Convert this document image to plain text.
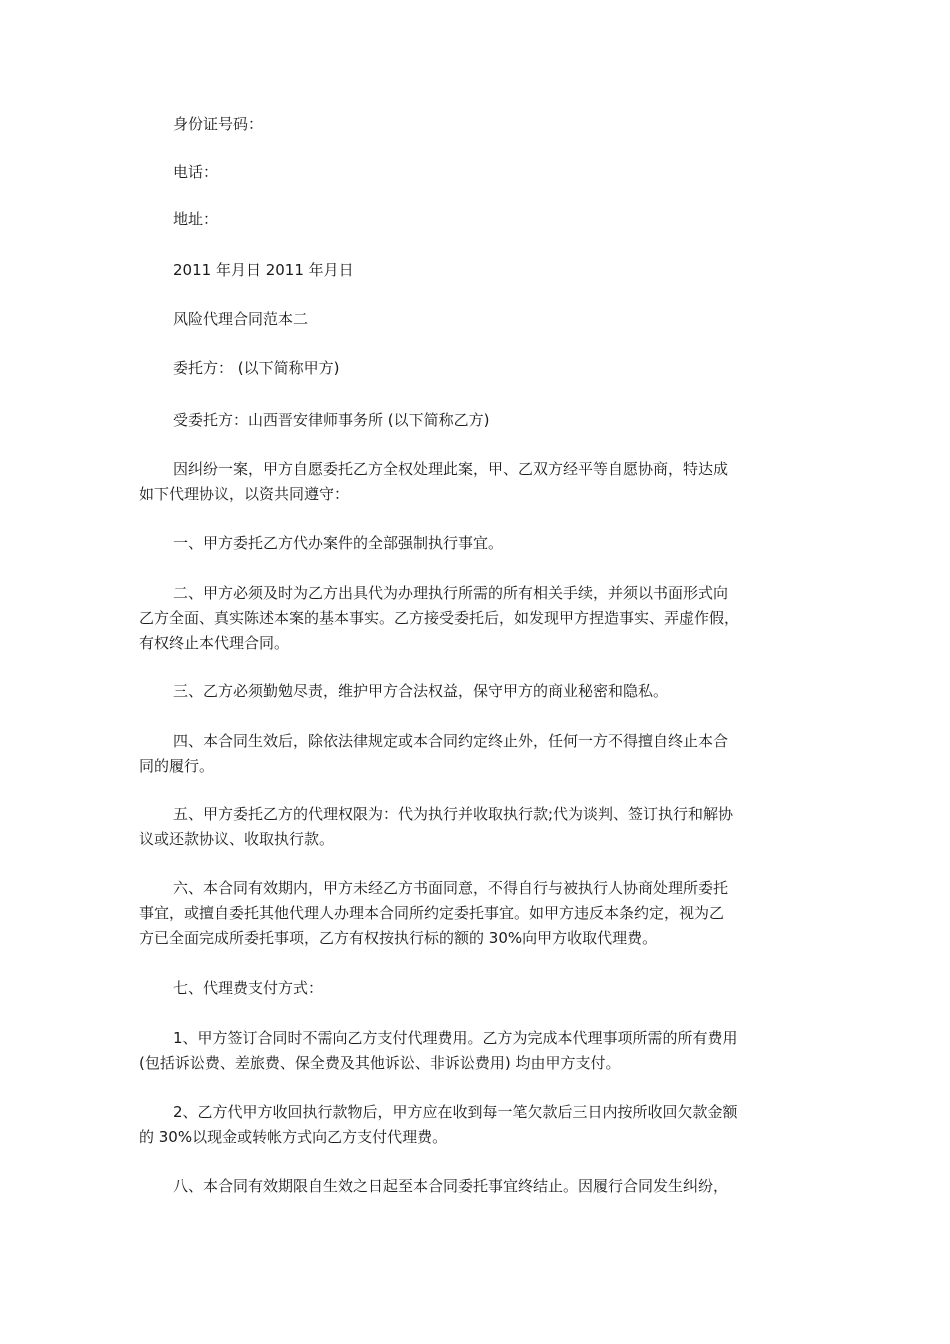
身份证号码：
电话：
地址：
2011 年月日 2011 年月日
风险代理合同范本二
委托方： (以下简称甲方)
受委托方：山西晋安律师事务所 (以下简称乙方)
因纠纷一案，甲方自愿委托乙方全权处理此案，甲、乙双方经平等自愿协商，特达成
如下代理协议，以资共同遵守：
一、甲方委托乙方代办案件的全部强制执行事宜。
二、甲方必须及时为乙方出具代为办理执行所需的所有相关手续，并须以书面形式向
乙方全面、真实陈述本案的基本事实。乙方接受委托后，如发现甲方捏造事实、弄虚作假，
有权终止本代理合同。
三、乙方必须勤勉尽责，维护甲方合法权益，保守甲方的商业秘密和隐私。
四、本合同生效后，除依法律规定或本合同约定终止外，任何一方不得擅自终止本合
同的履行。
五、甲方委托乙方的代理权限为：代为执行并收取执行款;代为谈判、签订执行和解协
议或还款协议、收取执行款。
六、本合同有效期内，甲方未经乙方书面同意，不得自行与被执行人协商处理所委托
事宜，或擅自委托其他代理人办理本合同所约定委托事宜。如甲方违反本条约定，视为乙
方已全面完成所委托事项，乙方有权按执行标的额的 30%向甲方收取代理费。
七、代理费支付方式：
1、甲方签订合同时不需向乙方支付代理费用。乙方为完成本代理事项所需的所有费用
(包括诉讼费、差旅费、保全费及其他诉讼、非诉讼费用) 均由甲方支付。
2、乙方代甲方收回执行款物后，甲方应在收到每一笔欠款后三日内按所收回欠款金额
的 30%以现金或转帐方式向乙方支付代理费。
八、本合同有效期限自生效之日起至本合同委托事宜终结止。因履行合同发生纠纷，
